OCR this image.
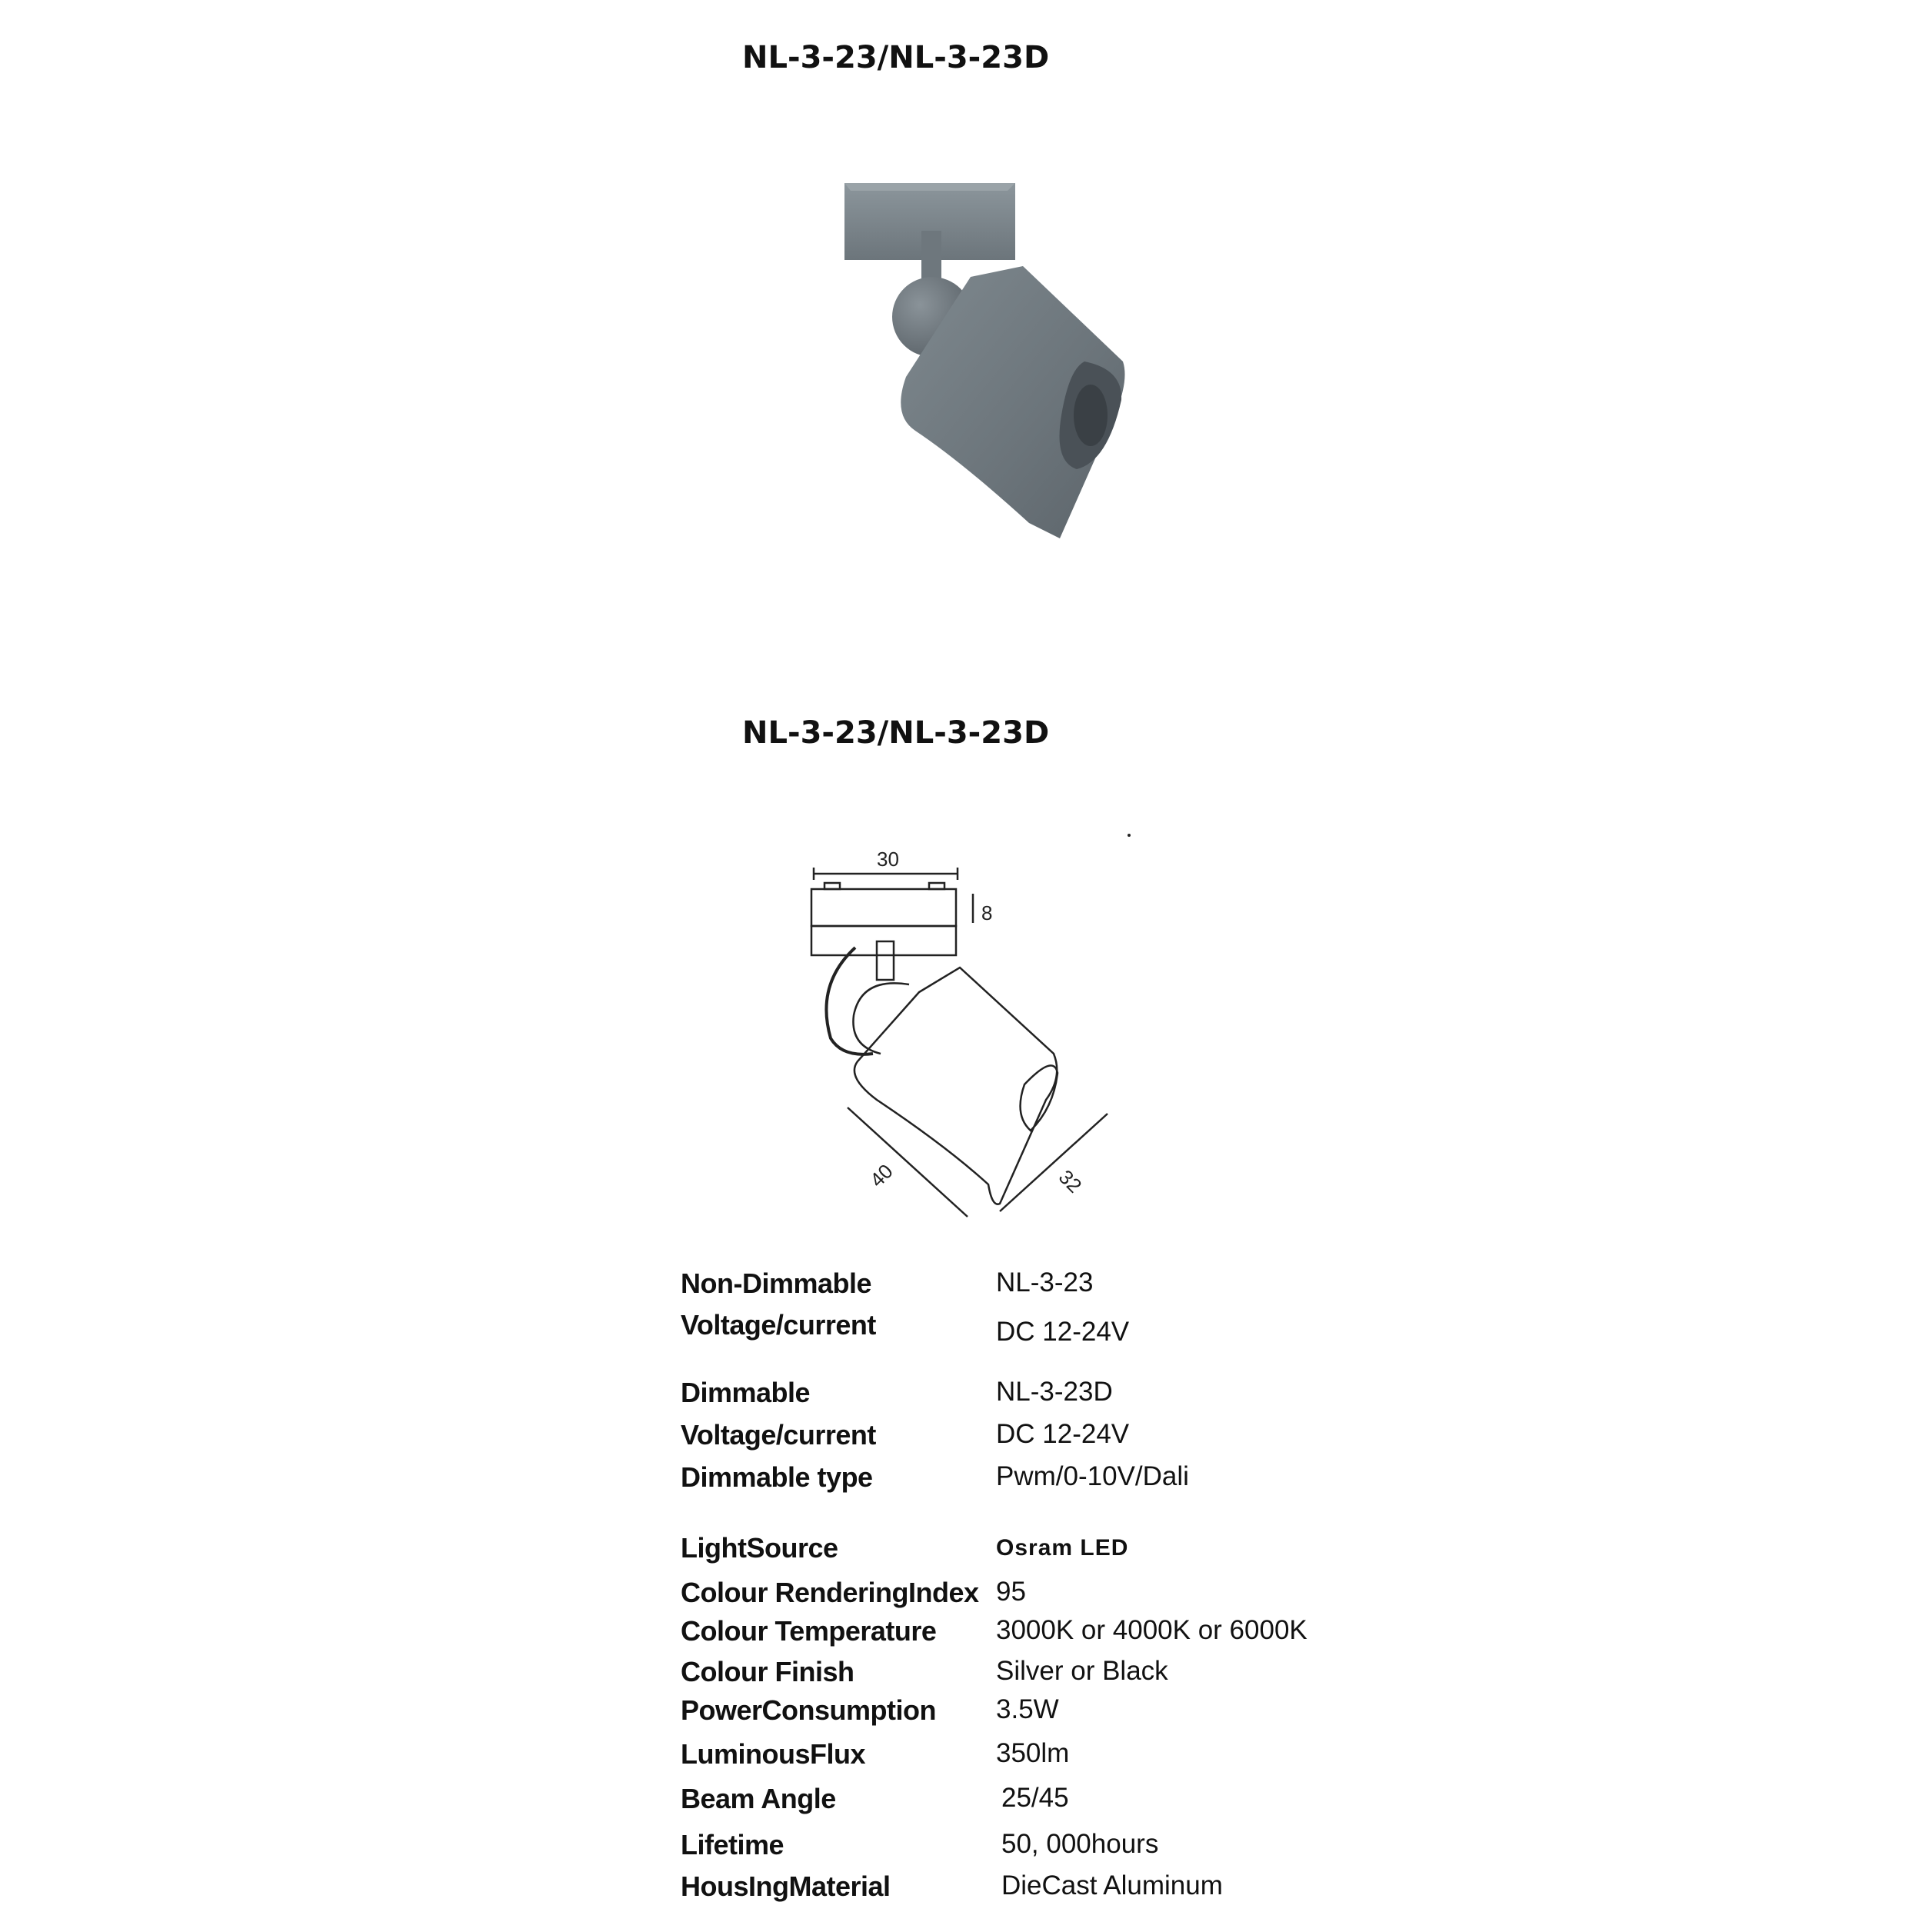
NL-3-23/NL-3-23D
NL-3-23/NL-3-23D
30
8
40	32
Non-Dimmable	NL-3-23
Voltage/current	DC 12-24V
Dimmable	NL-3-23D
Voltage/current	DC 12-24V
Dimmable type	Pwm/0-10V/Dali
LightSource	Osram LED
Colour RenderingIndex 95
Colour Temperature 3000K or 4000K or 6000K
Colour Finish	Silver or Black
PowerConsumption 3.5W
LuminousFlux	350lm
Beam Angle	25/45
Lifetime	50, 000hours
HousIngMaterial	DieCast Aluminum
